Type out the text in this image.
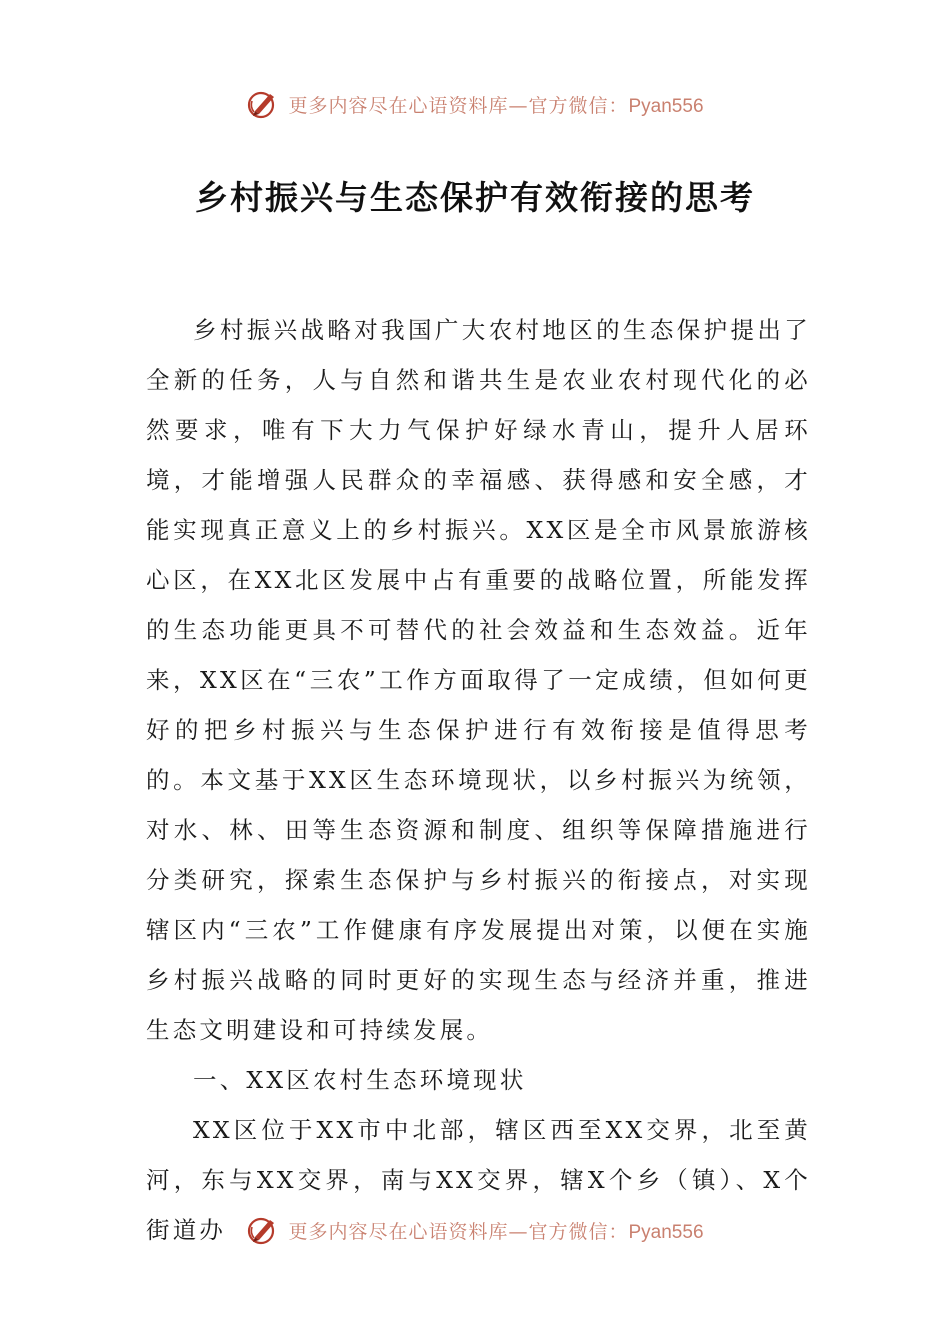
更多内容尽在心语资料库—官方微信：Pyan556
乡村振兴与生态保护有效衔接的思考

乡村振兴战略对我国广大农村地区的生态保护提出了全新的任务，人与自然和谐共生是农业农村现代化的必然要求，唯有下大力气保护好绿水青山，提升人居环境，才能增强人民群众的幸福感、获得感和安全感，才能实现真正意义上的乡村振兴。XX区是全市风景旅游核心区，在XX北区发展中占有重要的战略位置，所能发挥的生态功能更具不可替代的社会效益和生态效益。近年来，XX区在“三农”工作方面取得了一定成绩，但如何更好的把乡村振兴与生态保护进行有效衔接是值得思考的。本文基于XX区生态环境现状，以乡村振兴为统领，对水、林、田等生态资源和制度、组织等保障措施进行分类研究，探索生态保护与乡村振兴的衔接点，对实现辖区内“三农”工作健康有序发展提出对策，以便在实施乡村振兴战略的同时更好的实现生态与经济并重，推进生态文明建设和可持续发展。

一、XX区农村生态环境现状

XX区位于XX市中北部，辖区西至XX交界，北至黄河，东与XX交界，南与XX交界，辖X个乡（镇）、X个街道办	更多内容尽在心语资料库—官方微信：Pyan556
